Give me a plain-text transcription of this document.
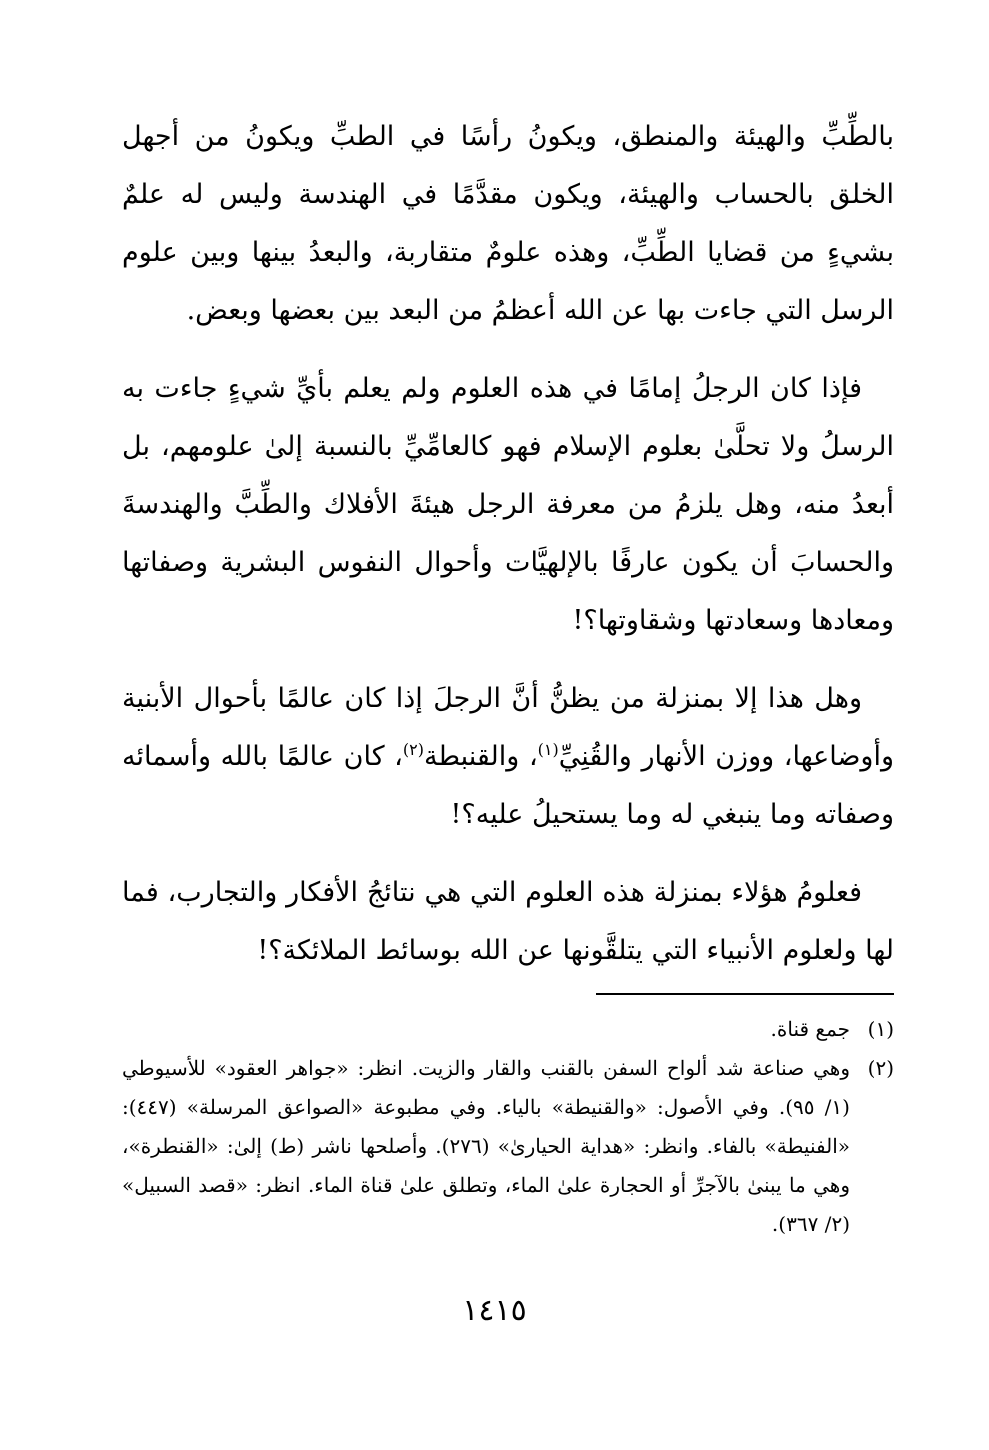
بالطِّبِّ والهيئة والمنطق، ويكونُ رأسًا في الطبِّ ويكونُ من أجهل الخلق بالحساب والهيئة، ويكون مقدَّمًا في الهندسة وليس له علمٌ بشيءٍ من قضايا الطِّبِّ، وهذه علومٌ متقاربة، والبعدُ بينها وبين علوم الرسل التي جاءت بها عن الله أعظمُ من البعد بين بعضها وبعض.

فإذا كان الرجلُ إمامًا في هذه العلوم ولم يعلم بأيِّ شيءٍ جاءت به الرسلُ ولا تحلَّىٰ بعلوم الإسلام فهو كالعامِّيِّ بالنسبة إلىٰ علومهم، بل أبعدُ منه، وهل يلزمُ من معرفة الرجل هيئةَ الأفلاك والطِّبَّ والهندسةَ والحسابَ أن يكون عارفًا بالإلهيَّات وأحوال النفوس البشرية وصفاتها ومعادها وسعادتها وشقاوتها؟!

وهل هذا إلا بمنزلة من يظنُّ أنَّ الرجلَ إذا كان عالمًا بأحوال الأبنية وأوضاعها، ووزن الأنهار والقُنِيِّ$^{(١)}$، والقنبطة$^{(٢)}$، كان عالمًا بالله وأسمائه وصفاته وما ينبغي له وما يستحيلُ عليه؟!

فعلومُ هؤلاء بمنزلة هذه العلوم التي هي نتائجُ الأفكار والتجارب، فما لها ولعلوم الأنبياء التي يتلقَّونها عن الله بوسائط الملائكة؟!

(١)
جمع قناة.
(٢)
وهي صناعة شد ألواح السفن بالقنب والقار والزيت. انظر: «جواهر العقود» للأسيوطي (١/ ٩٥). وفي الأصول: «والقنيطة» بالياء. وفي مطبوعة «الصواعق المرسلة» (٤٤٧): «الفنيطة» بالفاء. وانظر: «هداية الحيارىٰ» (٢٧٦). وأصلحها ناشر (ط) إلىٰ: «القنطرة»، وهي ما يبنىٰ بالآجرِّ أو الحجارة علىٰ الماء، وتطلق علىٰ قناة الماء. انظر: «قصد السبيل» (٢/ ٣٦٧).
١٤١٥
